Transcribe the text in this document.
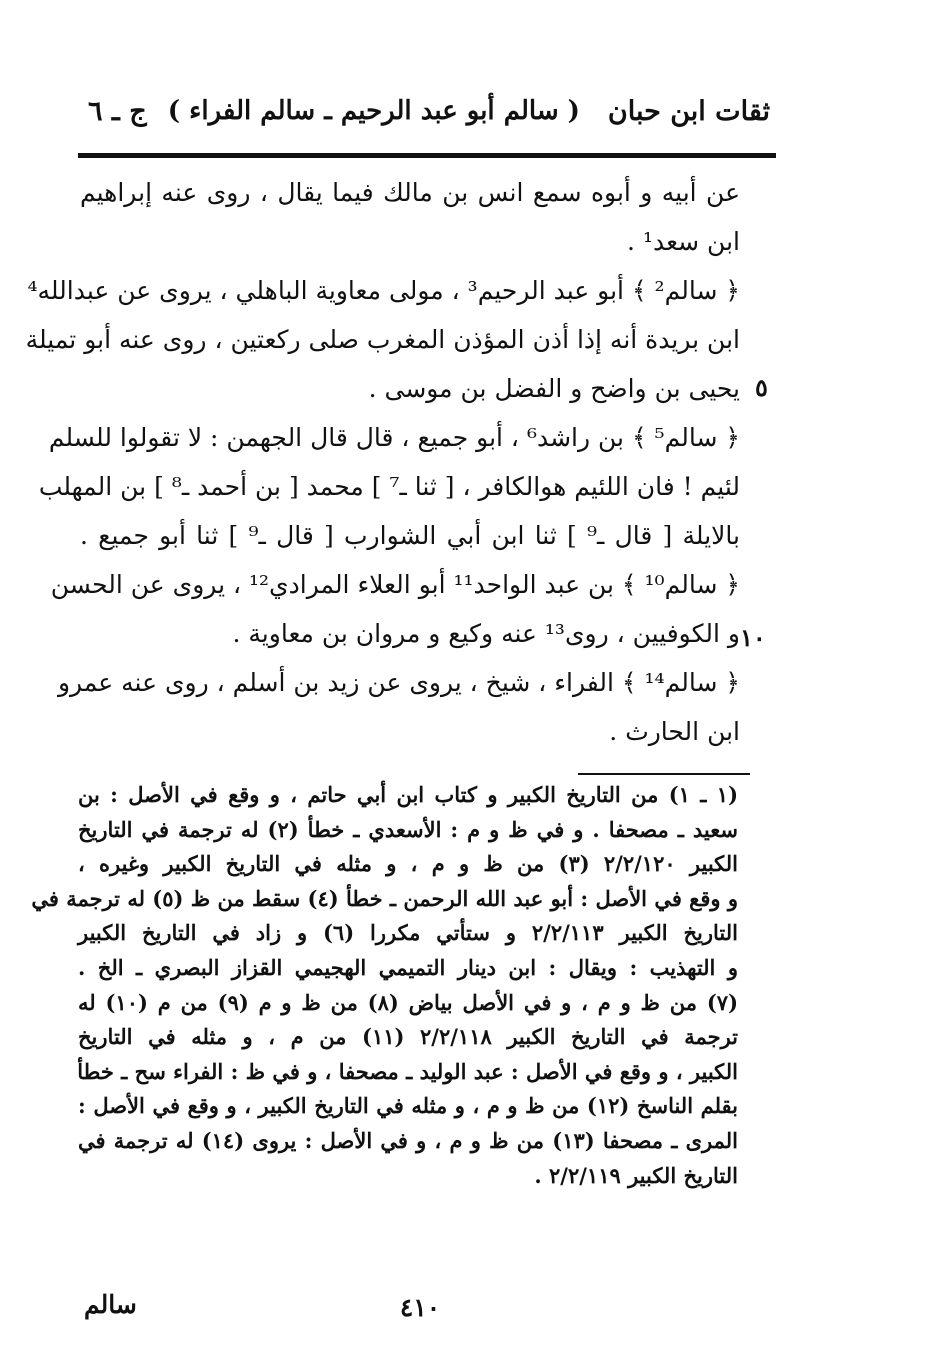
ثقات ابن حبان
( سالم أبو عبد الرحيم ـ سالم الفراء )
ج ـ ٦
عن أبيه و أبوه سمع انس بن مالك فيما يقال ، روى عنه إبراهيم
ابن سعد¹ .
﴿ سالم² ﴾ أبو عبد الرحيم³ ، مولى معاوية الباهلي ، يروى عن عبدالله⁴
ابن بريدة أنه إذا أذن المؤذن المغرب صلى ركعتين ، روى عنه أبو تميلة
يحيى بن واضح و الفضل بن موسى .
﴿ سالم⁵ ﴾ بن راشد⁶ ، أبو جميع ، قال قال الجهمن : لا تقولوا للسلم
لئيم ! فان اللئيم هوالكافر ، [ ثنا ـ⁷ ] محمد [ بن أحمد ـ⁸ ] بن المهلب
بالايلة [ قال ـ⁹ ] ثنا ابن أبي الشوارب [ قال ـ⁹ ] ثنا أبو جميع .
﴿ سالم¹⁰ ﴾ بن عبد الواحد¹¹ أبو العلاء المرادي¹² ، يروى عن الحسن
و الكوفيين ، روى¹³ عنه وكيع و مروان بن معاوية .
﴿ سالم¹⁴ ﴾ الفراء ، شيخ ، يروى عن زيد بن أسلم ، روى عنه عمرو
ابن الحارث .
٥
١٠
(١ ـ ١) من التاريخ الكبير و كتاب ابن أبي حاتم ، و وقع في الأصل : بن
سعيد ـ مصحفا . و في ظ و م : الأسعدي ـ خطأ (٢) له ترجمة في التاريخ
الكبير ٢/٢/١٢٠ (٣) من ظ و م ، و مثله في التاريخ الكبير وغيره ،
و وقع في الأصل : أبو عبد الله الرحمن ـ خطأ (٤) سقط من ظ (٥) له ترجمة في
التاريخ الكبير ٢/٢/١١٣ و ستأتي مكررا (٦) و زاد في التاريخ الكبير
و التهذيب : ويقال : ابن دينار التميمي الهجيمي القزاز البصري ـ الخ .
(٧) من ظ و م ، و في الأصل بياض (٨) من ظ و م (٩) من م (١٠) له
ترجمة في التاريخ الكبير ٢/٢/١١٨ (١١) من م ، و مثله في التاريخ
الكبير ، و وقع في الأصل : عبد الوليد ـ مصحفا ، و في ظ : الفراء سح ـ خطأ
بقلم الناسخ (١٢) من ظ و م ، و مثله في التاريخ الكبير ، و وقع في الأصل :
المرى ـ مصحفا (١٣) من ظ و م ، و في الأصل : يروى (١٤) له ترجمة في
التاريخ الكبير ٢/٢/١١٩ .
٤١٠
سالم
